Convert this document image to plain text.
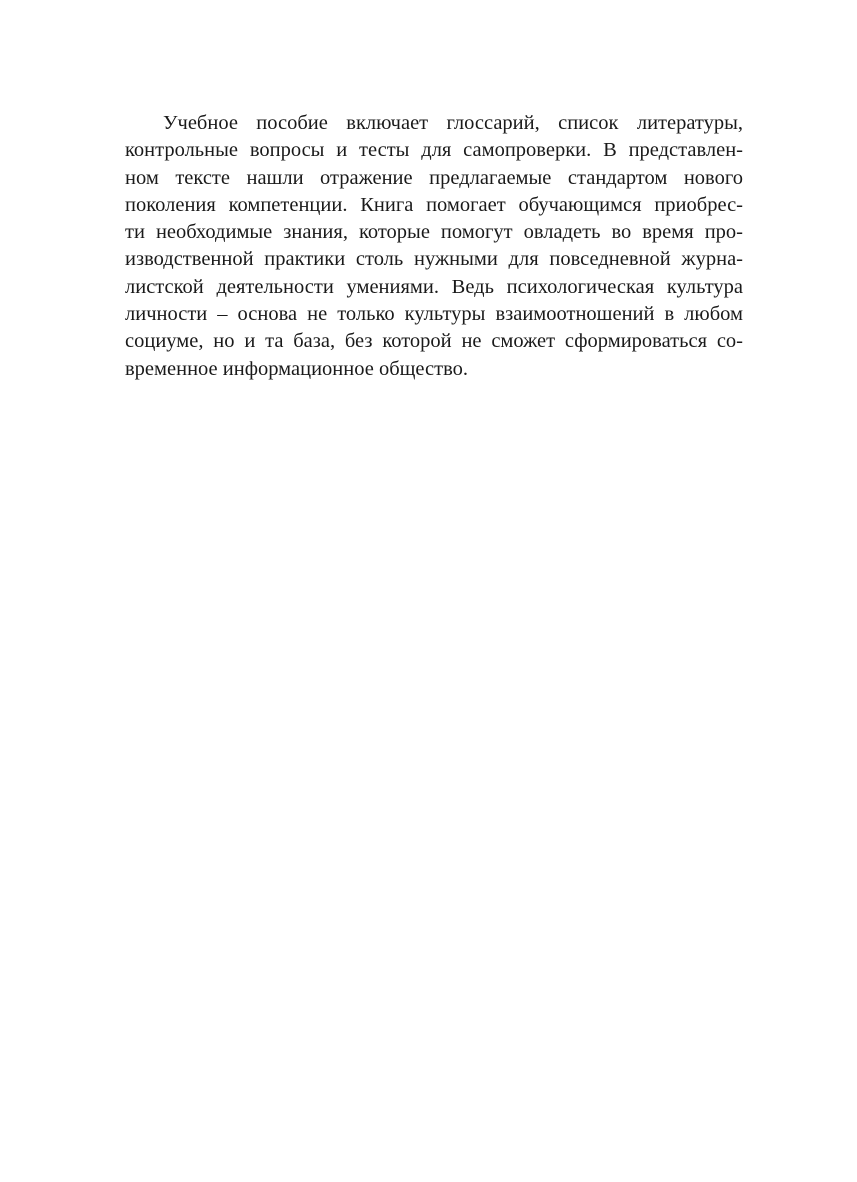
Учебное пособие включает глоссарий, список литературы,
контрольные вопросы и тесты для самопроверки. В представлен-
ном тексте нашли отражение предлагаемые стандартом нового
поколения компетенции. Книга помогает обучающимся приобрес-
ти необходимые знания, которые помогут овладеть во время про-
изводственной практики столь нужными для повседневной журна-
листской деятельности умениями. Ведь психологическая культура
личности – основа не только культуры взаимоотношений в любом
социуме, но и та база, без которой не сможет сформироваться со-
временное информационное общество.
